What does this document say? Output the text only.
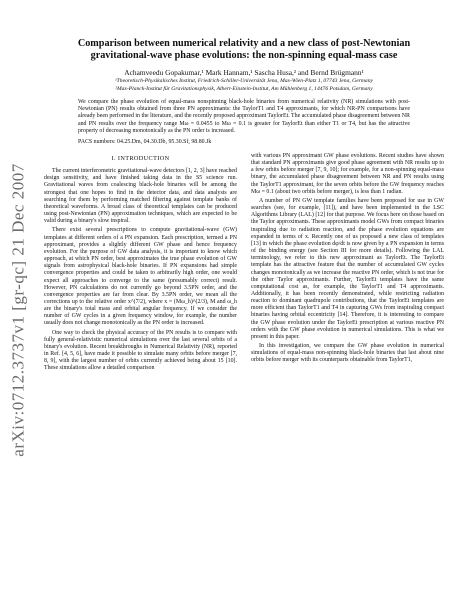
arXiv:0712.3737v1 [gr-qc] 21 Dec 2007
Comparison between numerical relativity and a new class of post-Newtonian gravitational-wave phase evolutions: the non-spinning equal-mass case
Achamveedu Gopakumar,¹ Mark Hannam,¹ Sascha Husa,² and Bernd Brügmann¹
¹Theoretisch-Physikalisches Institut, Friedrich-Schiller-Universität Jena, Max-Wien-Platz 1, 07743 Jena, Germany
²Max-Planck-Institut für Gravitationsphysik, Albert-Einstein-Institut, Am Mühlenberg 1, 14476 Potsdam, Germany
We compare the phase evolution of equal-mass nonspinning black-hole binaries from numerical relativity (NR) simulations with post-Newtonian (PN) results obtained from three PN approximants: the TaylorT1 and T4 approximants, for which NR-PN comparisons have already been performed in the literature, and the recently proposed approximant TaylorEt. The accumulated phase disagreement between NR and PN results over the frequency range Mω = 0.0455 to Mω = 0.1 is greater for TaylorEt than either T1 or T4, but has the attractive property of decreasing monotonically as the PN order is increased.
PACS numbers: 04.25.Dm, 04.30.Db, 95.30.Sf, 98.80.Jk
I. INTRODUCTION

The current interferometric gravitational-wave detectors [1, 2, 3] have reached design sensitivity, and have finished taking data in the S5 science run. Gravitational waves from coalescing black-hole binaries will be among the strongest that one hopes to find in the detector data, and data analysts are searching for them by performing matched filtering against template banks of theoretical waveforms. A broad class of theoretical templates can be produced using post-Newtonian (PN) approximation techniques, which are expected to be valid during a binary's slow inspiral.

There exist several prescriptions to compute gravitational-wave (GW) templates at different orders of a PN expansion. Each prescription, termed a PN approximant, provides a slightly different GW phase and hence frequency evolution. For the purpose of GW data analysis, it is important to know which approach, at which PN order, best approximates the true phase evolution of GW signals from astrophysical black-hole binaries. If PN expansions had simple convergence properties and could be taken to arbitrarily high order, one would expect all approaches to converge to the same (presumably correct) result. However, PN calculations do not currently go beyond 3.5PN order, and the convergence properties are far from clear. By 3.5PN order, we mean all the corrections up to the relative order x^(7/2), where x = (Mω_h)^(2/3), M and ω_h are the binary's total mass and orbital angular frequency. If we consider the number of GW cycles in a given frequency window, for example, the number usually does not change monotonically as the PN order is increased.

One way to check the physical accuracy of the PN results is to compare with fully general-relativistic numerical simulations over the last several orbits of a binary's evolution. Recent breakthroughs in Numerical Relativity (NR), reported in Ref. [4, 5, 6], have made it possible to simulate many orbits before merger [7, 8, 9], with the largest number of orbits currently achieved being about 15 [10]. These simulations allow a detailed comparison

with various PN approximant GW phase evolutions. Recent studies have shown that standard PN approximants give good phase agreement with NR results up to a few orbits before merger [7, 9, 10]; for example, for a non-spinning equal-mass binary, the accumulated phase disagreement between NR and PN results using the TaylorT1 approximant, for the seven orbits before the GW frequency reaches Mω = 0.1 (about two orbits before merger), is less than 1 radian.

A number of PN GW template families have been proposed for use in GW searches (see, for example, [11]), and have been implemented in the LSC Algorithms Library (LAL) [12] for that purpose. We focus here on those based on the Taylor approximants. These approximants model GWs from compact binaries inspiraling due to radiation reaction, and the phase evolution equations are expanded in terms of x. Recently one of us proposed a new class of templates [13] in which the phase evolution dφ/dt is now given by a PN expansion in terms of the binding energy (see Section III for more details). Following the LAL terminology, we refer to this new approximant as TaylorEt. The TaylorEt template has the attractive feature that the number of accumulated GW cycles changes monotonically as we increase the reactive PN order, which is not true for the other Taylor approximants. Further, TaylorEt templates have the same computational cost as, for example, the TaylorT1 and T4 approximants. Additionally, it has been recently demonstrated, while restricting radiation reaction to dominant quadrupole contributions, that the TaylorEt templates are more efficient than TaylorT1 and T4 in capturing GWs from inspiraling compact binaries having orbital eccentricity [14]. Therefore, it is interesting to compare the GW phase evolution under the TaylorEt prescription at various reactive PN orders with the GW phase evolution in numerical simulations. This is what we present in this paper.

In this investigation, we compare the GW phase evolution in numerical simulations of equal-mass non-spinning black-hole binaries that last about nine orbits before merger with its counterparts obtainable from TaylorT1,
